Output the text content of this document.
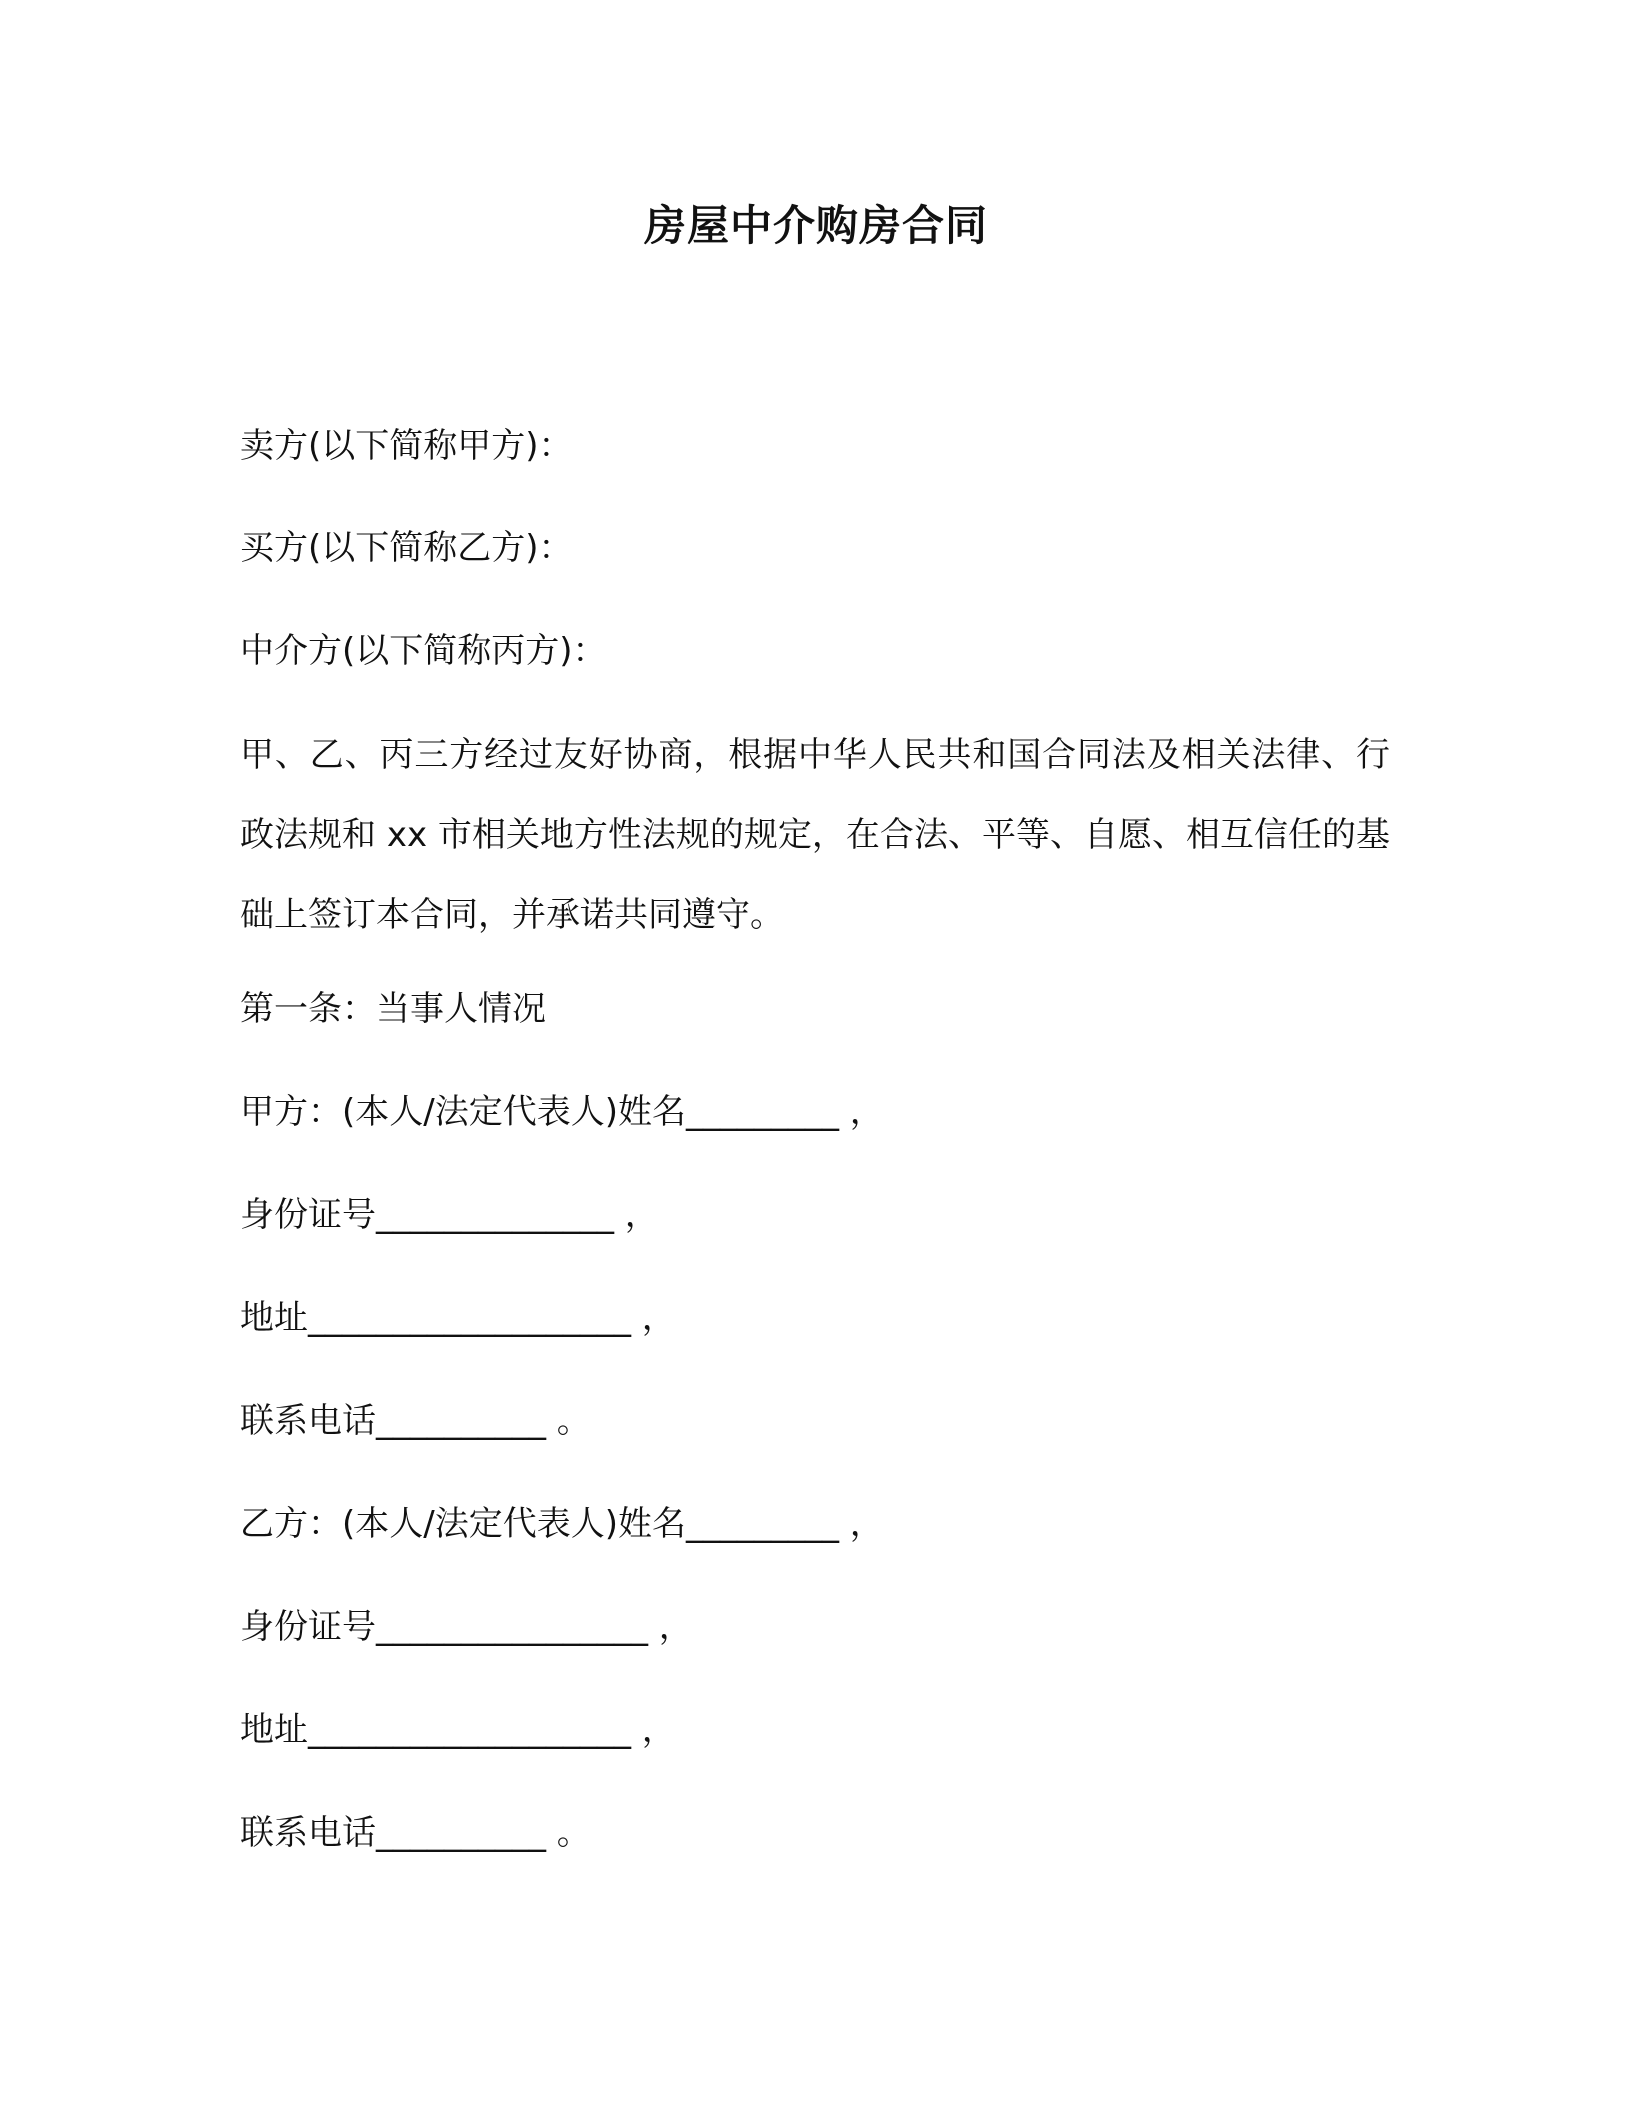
房屋中介购房合同

卖方(以下简称甲方)：

买方(以下简称乙方)：

中介方(以下简称丙方)：

甲、乙、丙三方经过友好协商，根据中华人民共和国合同法及相关法律、行政法规和 xx 市相关地方性法规的规定，在合法、平等、自愿、相互信任的基础上签订本合同，并承诺共同遵守。

第一条：当事人情况

甲方：(本人/法定代表人)姓名_________ ，

身份证号______________ ，

地址___________________ ，

联系电话__________ 。

乙方：(本人/法定代表人)姓名_________ ，

身份证号________________ ，

地址___________________ ，

联系电话__________ 。
